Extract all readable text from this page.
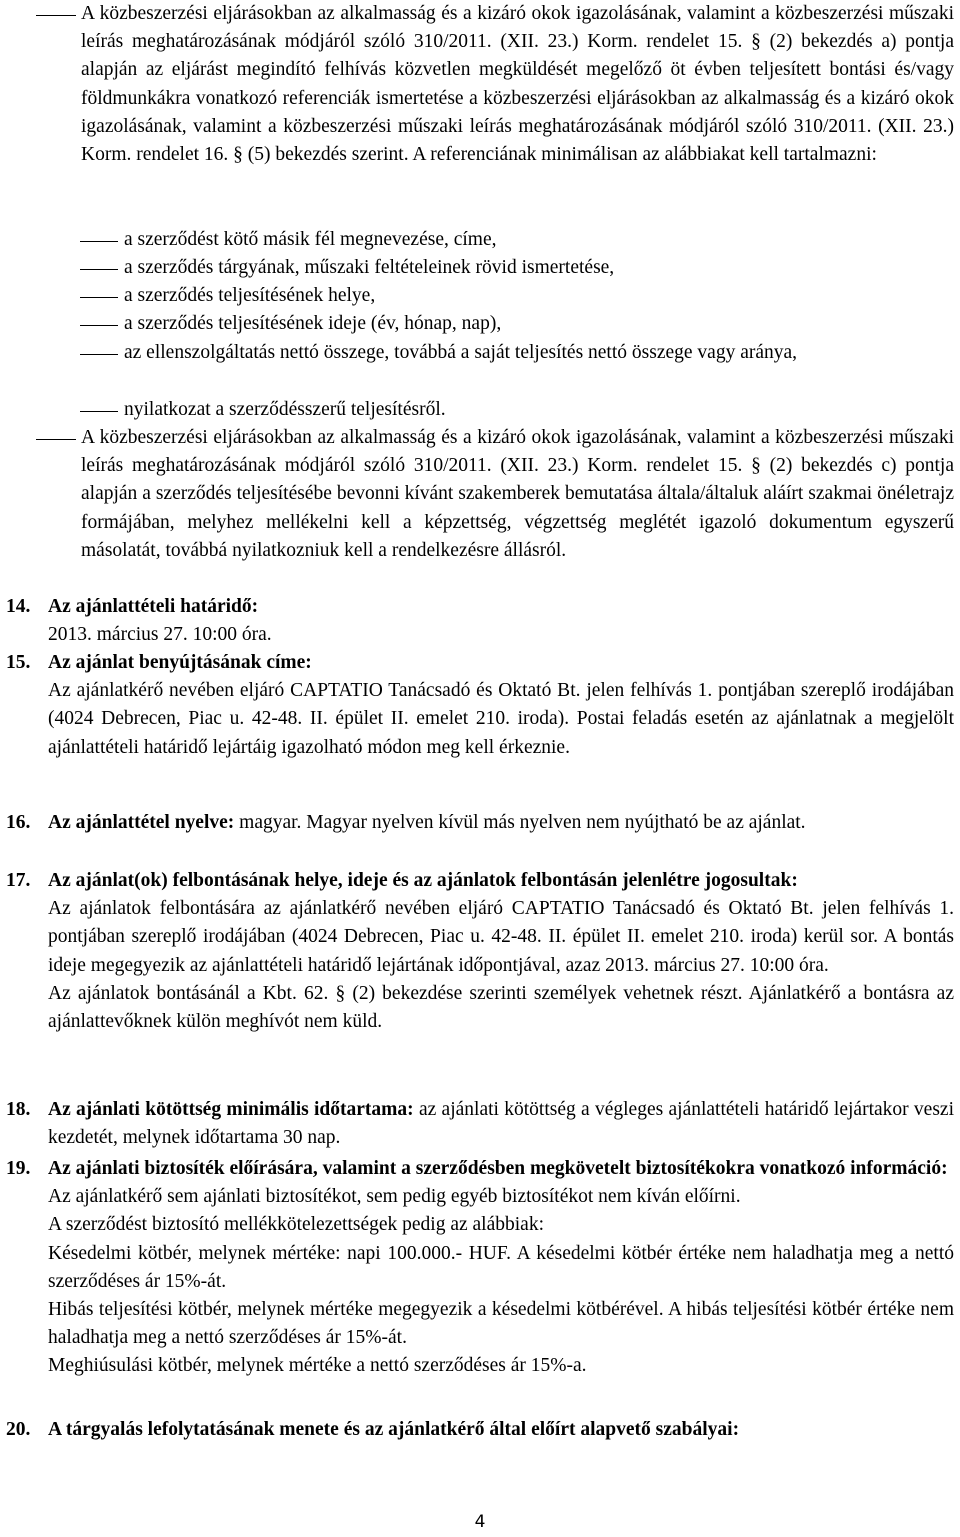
A közbeszerzési eljárásokban az alkalmasság és a kizáró okok igazolásának, valamint a közbeszerzési műszaki leírás meghatározásának módjáról szóló 310/2011. (XII. 23.) Korm. rendelet 15. § (2) bekezdés a) pontja alapján az eljárást megindító felhívás közvetlen megküldését megelőző öt évben teljesített bontási és/vagy földmunkákra vonatkozó referenciák ismertetése a közbeszerzési eljárásokban az alkalmasság és a kizáró okok igazolásának, valamint a közbeszerzési műszaki leírás meghatározásának módjáról szóló 310/2011. (XII. 23.) Korm. rendelet 16. § (5) bekezdés szerint. A referenciának minimálisan az alábbiakat kell tartalmazni:
a szerződést kötő másik fél megnevezése, címe,
a szerződés tárgyának, műszaki feltételeinek rövid ismertetése,
a szerződés teljesítésének helye,
a szerződés teljesítésének ideje (év, hónap, nap),
az ellenszolgáltatás nettó összege, továbbá a saját teljesítés nettó összege vagy aránya,
nyilatkozat a szerződésszerű teljesítésről.
A közbeszerzési eljárásokban az alkalmasság és a kizáró okok igazolásának, valamint a közbeszerzési műszaki leírás meghatározásának módjáról szóló 310/2011. (XII. 23.) Korm. rendelet 15. § (2) bekezdés c) pontja alapján a szerződés teljesítésébe bevonni kívánt szakemberek bemutatása általa/általuk aláírt szakmai önéletrajz formájában, melyhez mellékelni kell a képzettség, végzettség meglétét igazoló dokumentum egyszerű másolatát, továbbá nyilatkozniuk kell a rendelkezésre állásról.
14. Az ajánlattételi határidő:
2013. március 27. 10:00 óra.
15. Az ajánlat benyújtásának címe:
Az ajánlatkérő nevében eljáró CAPTATIO Tanácsadó és Oktató Bt. jelen felhívás 1. pontjában szereplő irodájában (4024 Debrecen, Piac u. 42-48. II. épület II. emelet 210. iroda). Postai feladás esetén az ajánlatnak a megjelölt ajánlattételi határidő lejártáig igazolható módon meg kell érkeznie.
16. Az ajánlattétel nyelve: magyar. Magyar nyelven kívül más nyelven nem nyújtható be az ajánlat.
17. Az ajánlat(ok) felbontásának helye, ideje és az ajánlatok felbontásán jelenlétre jogosultak:

Az ajánlatok felbontására az ajánlatkérő nevében eljáró CAPTATIO Tanácsadó és Oktató Bt. jelen felhívás 1. pontjában szereplő irodájában (4024 Debrecen, Piac u. 42-48. II. épület II. emelet 210. iroda) kerül sor. A bontás ideje megegyezik az ajánlattételi határidő lejártának időpontjával, azaz 2013. március 27. 10:00 óra.

Az ajánlatok bontásánál a Kbt. 62. § (2) bekezdése szerinti személyek vehetnek részt. Ajánlatkérő a bontásra az ajánlattevőknek külön meghívót nem küld.

18. Az ajánlati kötöttség minimális időtartama: az ajánlati kötöttség a végleges ajánlattételi határidő lejártakor veszi kezdetét, melynek időtartama 30 nap.
19. Az ajánlati biztosíték előírására, valamint a szerződésben megkövetelt biztosítékokra vonatkozó információ:

Az ajánlatkérő sem ajánlati biztosítékot, sem pedig egyéb biztosítékot nem kíván előírni.

A szerződést biztosító mellékkötelezettségek pedig az alábbiak:

Késedelmi kötbér, melynek mértéke: napi 100.000.- HUF. A késedelmi kötbér értéke nem haladhatja meg a nettó szerződéses ár 15%-át.

Hibás teljesítési kötbér, melynek mértéke megegyezik a késedelmi kötbérével. A hibás teljesítési kötbér értéke nem haladhatja meg a nettó szerződéses ár 15%-át.

Meghiúsulási kötbér, melynek mértéke a nettó szerződéses ár 15%-a.

20. A tárgyalás lefolytatásának menete és az ajánlatkérő által előírt alapvető szabályai:
4
